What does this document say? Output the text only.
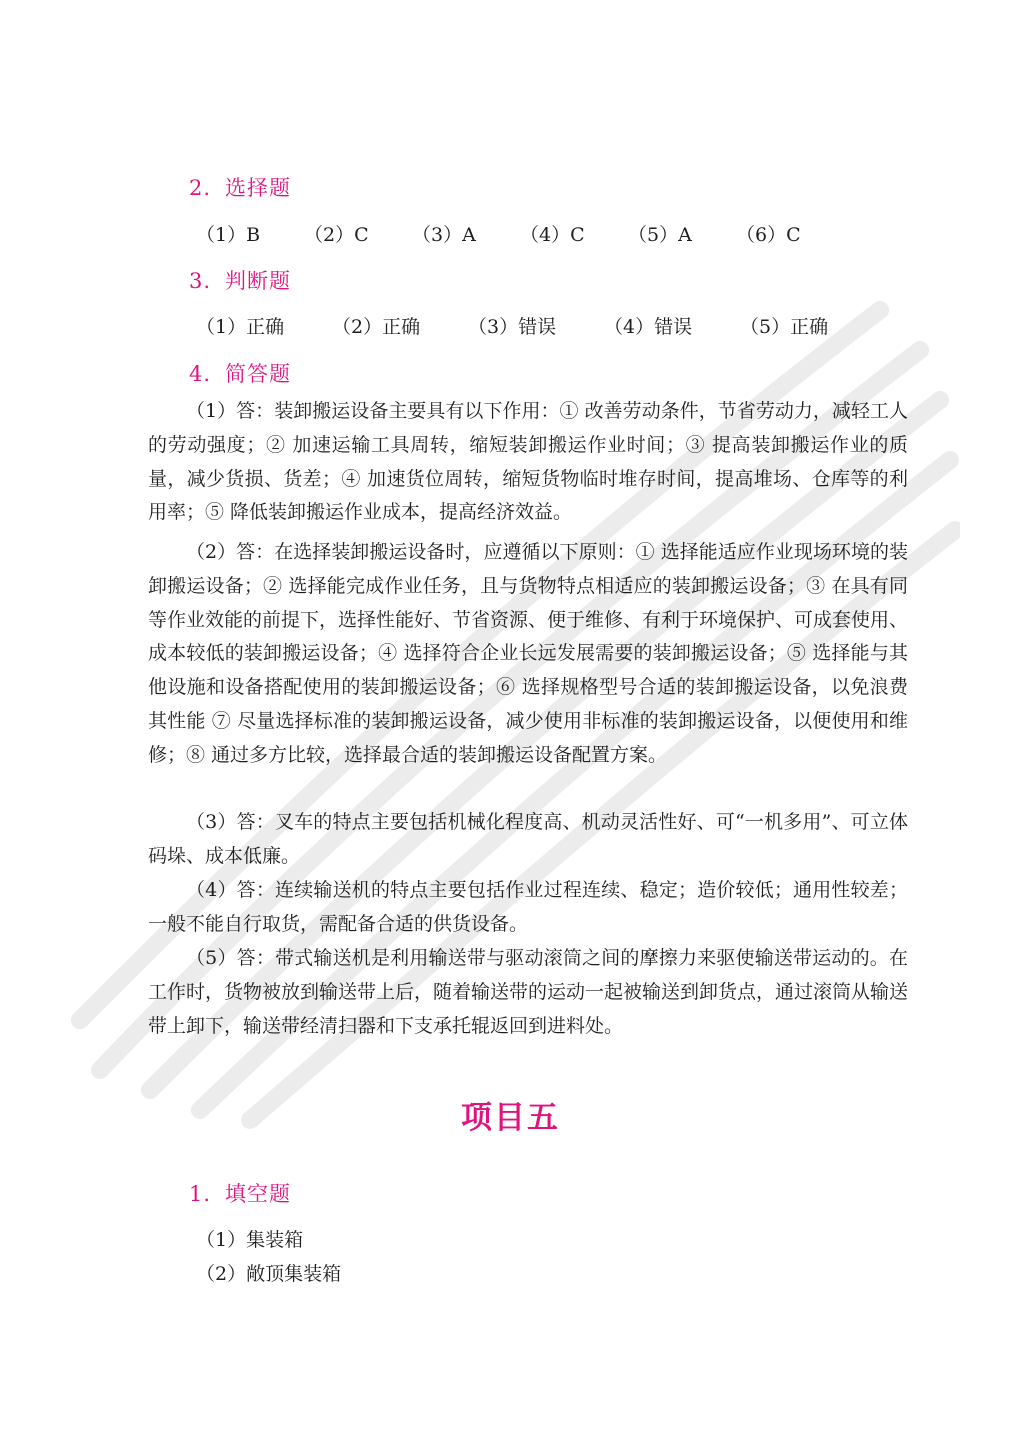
2. 选择题
（1）B （2）C （3）A （4）C （5）A （6）C
3. 判断题
（1）正确	（2）正确	（3）错误	（4）错误	（5）正确
4. 简答题

（1）答：装卸搬运设备主要具有以下作用：① 改善劳动条件，节省劳动力，减轻工人的劳动强度；② 加速运输工具周转，缩短装卸搬运作业时间；③ 提高装卸搬运作业的质量，减少货损、货差；④ 加速货位周转，缩短货物临时堆存时间，提高堆场、仓库等的利用率；⑤ 降低装卸搬运作业成本，提高经济效益。

（2）答：在选择装卸搬运设备时，应遵循以下原则：① 选择能适应作业现场环境的装卸搬运设备；② 选择能完成作业任务，且与货物特点相适应的装卸搬运设备；③ 在具有同等作业效能的前提下，选择性能好、节省资源、便于维修、有利于环境保护、可成套使用、成本较低的装卸搬运设备；④ 选择符合企业长远发展需要的装卸搬运设备；⑤ 选择能与其他设施和设备搭配使用的装卸搬运设备；⑥ 选择规格型号合适的装卸搬运设备，以免浪费其性能 ⑦ 尽量选择标准的装卸搬运设备，减少使用非标准的装卸搬运设备，以便使用和维修；⑧ 通过多方比较，选择最合适的装卸搬运设备配置方案。

（3）答：叉车的特点主要包括机械化程度高、机动灵活性好、可“一机多用”、可立体码垛、成本低廉。

（4）答：连续输送机的特点主要包括作业过程连续、稳定；造价较低；通用性较差；一般不能自行取货，需配备合适的供货设备。

（5）答：带式输送机是利用输送带与驱动滚筒之间的摩擦力来驱使输送带运动的。在工作时，货物被放到输送带上后，随着输送带的运动一起被输送到卸货点，通过滚筒从输送带上卸下，输送带经清扫器和下支承托辊返回到进料处。

项目五
1. 填空题
（1）集装箱
（2）敞顶集装箱
